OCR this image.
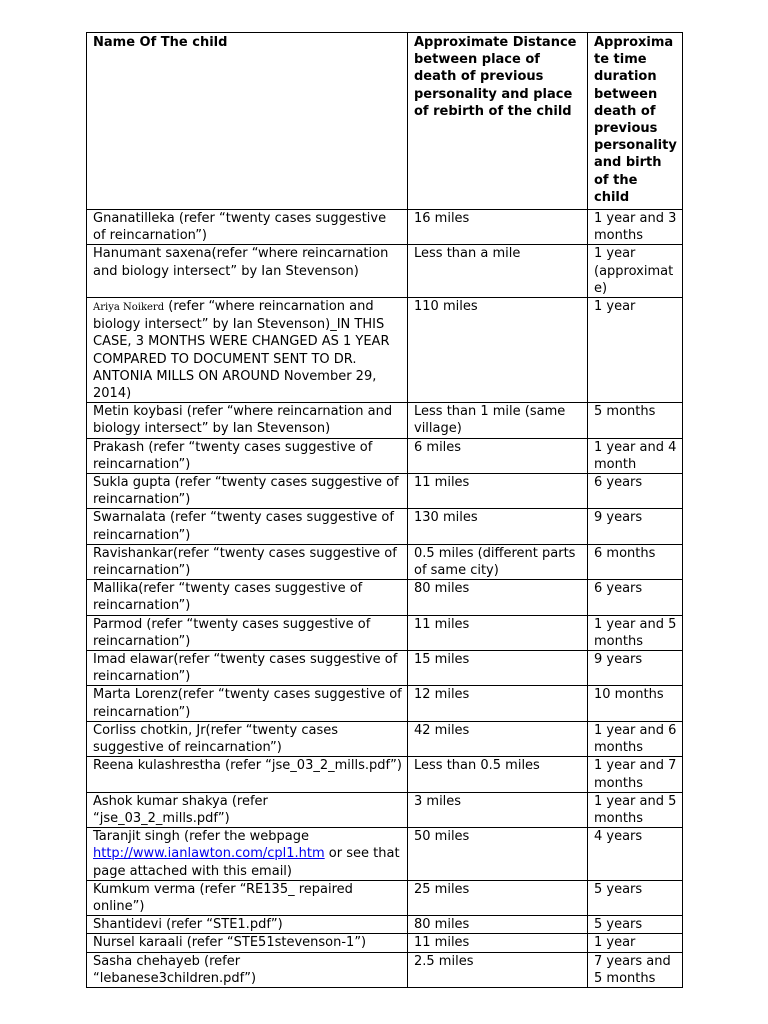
Name Of The child	Approximate Distance between place of death of previous personality and place of rebirth of the child	Approximate time duration between death of previous personality and birth of the child
Gnanatilleka (refer “twenty cases suggestive of reincarnation”)	16 miles	1 year and 3 months
Hanumant saxena(refer “where reincarnation and biology intersect” by Ian Stevenson)	Less than a mile	1 year (approximate)
Ariya Noikerd (refer “where reincarnation and biology intersect” by Ian Stevenson)_IN THIS CASE, 3 MONTHS WERE CHANGED AS 1 YEAR COMPARED TO DOCUMENT SENT TO DR. ANTONIA MILLS ON AROUND November 29, 2014)	110 miles	1 year
Metin koybasi (refer “where reincarnation and biology intersect” by Ian Stevenson)	Less than 1 mile (same village)	5 months
Prakash (refer “twenty cases suggestive of reincarnation”)	6 miles	1 year and 4 month
Sukla gupta (refer “twenty cases suggestive of reincarnation”)	11 miles	6 years
Swarnalata (refer “twenty cases suggestive of reincarnation”)	130 miles	9 years
Ravishankar(refer “twenty cases suggestive of reincarnation”)	0.5 miles (different parts of same city)	6 months
Mallika(refer “twenty cases suggestive of reincarnation”)	80 miles	6 years
Parmod (refer “twenty cases suggestive of reincarnation”)	11 miles	1 year and 5 months
Imad elawar(refer “twenty cases suggestive of reincarnation”)	15 miles	9 years
Marta Lorenz(refer “twenty cases suggestive of reincarnation”)	12 miles	10 months
Corliss chotkin, Jr(refer “twenty cases suggestive of reincarnation”)	42 miles	1 year and 6 months
Reena kulashrestha (refer “jse_03_2_mills.pdf”)	Less than 0.5 miles	1 year and 7 months
Ashok kumar shakya (refer “jse_03_2_mills.pdf”)	3 miles	1 year and 5 months
Taranjit singh (refer the webpage http://www.ianlawton.com/cpl1.htm or see that page attached with this email)	50 miles	4 years
Kumkum verma (refer “RE135_ repaired online”)	25 miles	5 years
Shantidevi (refer “STE1.pdf”)	80 miles	5 years
Nursel karaali (refer “STE51stevenson-1”)	11 miles	1 year
Sasha chehayeb (refer “lebanese3children.pdf”)	2.5 miles	7 years and 5 months
